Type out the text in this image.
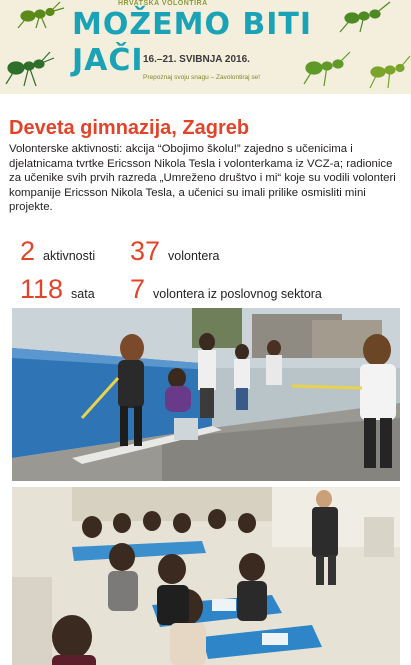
HRVATSKA VOLONTIRA
MOŽEMO BITI
JAČI 16.–21. SVIBNJA 2016.
Prepoznaj svoju snagu – Zavolontiraj se!
Deveta gimnazija, Zagreb
Volonterske aktivnosti: akcija “Obojimo školu!” zajedno s učenicima i djelatnicama tvrtke Ericsson Nikola Tesla i volonterkama iz VCZ-a; radionice za učenike svih prvih razreda „Umreženo društvo i mi“ koje su vodili volonteri kompanije Ericsson Nikola Tesla, a učenici su imali prilike osmisliti mini projekte.
2 aktivnosti 37 volontera
118 sata 7 volontera iz poslovnog sektora
